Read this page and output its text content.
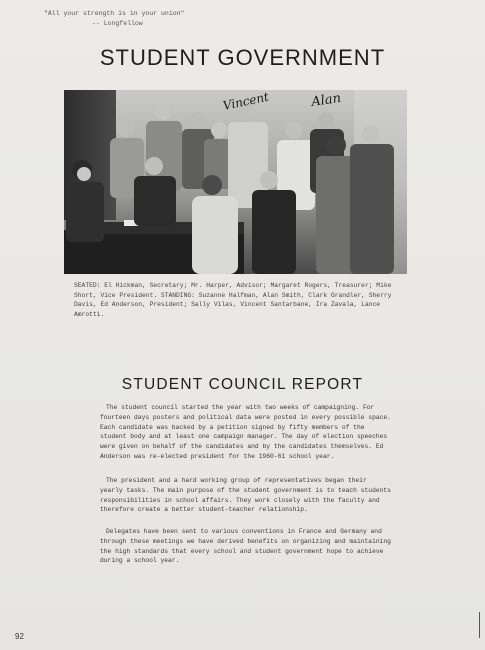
"All your strength is in your union"
-- Longfellow
STUDENT GOVERNMENT
Vincent	Alan
SEATED: El Hickman, Secretary; Mr. Harper, Advisor; Margaret Rogers, Treasurer; Mike Short, Vice President. STANDING: Suzanne Halfman, Alan Smith, Clark Grandler, Sherry Davis, Ed Anderson, President; Sally Vilas, Vincent Santarbane, Ira Zavala, Lance Amrotti.
STUDENT COUNCIL REPORT
The student council started the year with two weeks of campaigning. For fourteen days posters and political data were posted in every possible space. Each candidate was backed by a petition signed by fifty members of the student body and at least one campaign manager. The day of election speeches were given on behalf of the candidates and by the candidates themselves. Ed Anderson was re-elected president for the 1960-61 school year.
The president and a hard working group of representatives began their yearly tasks. The main purpose of the student government is to teach students responsibilities in school affairs. They work closely with the faculty and therefore create a better student-teacher relationship.
Delegates have been sent to various conventions in France and Germany and through these meetings we have derived benefits on organizing and maintaining the high standards that every school and student government hope to achieve during a school year.
92
